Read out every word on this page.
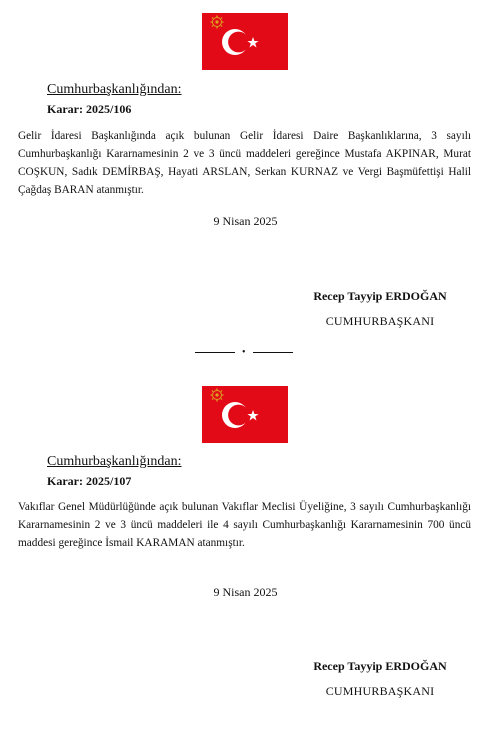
Cumhurbaşkanlığından:
Karar: 2025/106

Gelir İdaresi Başkanlığında açık bulunan Gelir İdaresi Daire Başkanlıklarına, 3 sayılı Cumhurbaşkanlığı Kararnamesinin 2 ve 3 üncü maddeleri gereğince Mustafa AKPINAR, Murat COŞKUN, Sadık DEMİRBAŞ, Hayati ARSLAN, Serkan KURNAZ ve Vergi Başmüfettişi Halil Çağdaş BARAN atanmıştır.

9 Nisan 2025
Recep Tayyip ERDOĞAN
CUMHURBAŞKANI
•
Cumhurbaşkanlığından:
Karar: 2025/107

Vakıflar Genel Müdürlüğünde açık bulunan Vakıflar Meclisi Üyeliğine, 3 sayılı Cumhurbaşkanlığı Kararnamesinin 2 ve 3 üncü maddeleri ile 4 sayılı Cumhurbaşkanlığı Kararnamesinin 700 üncü maddesi gereğince İsmail KARAMAN atanmıştır.

9 Nisan 2025
Recep Tayyip ERDOĞAN
CUMHURBAŞKANI
